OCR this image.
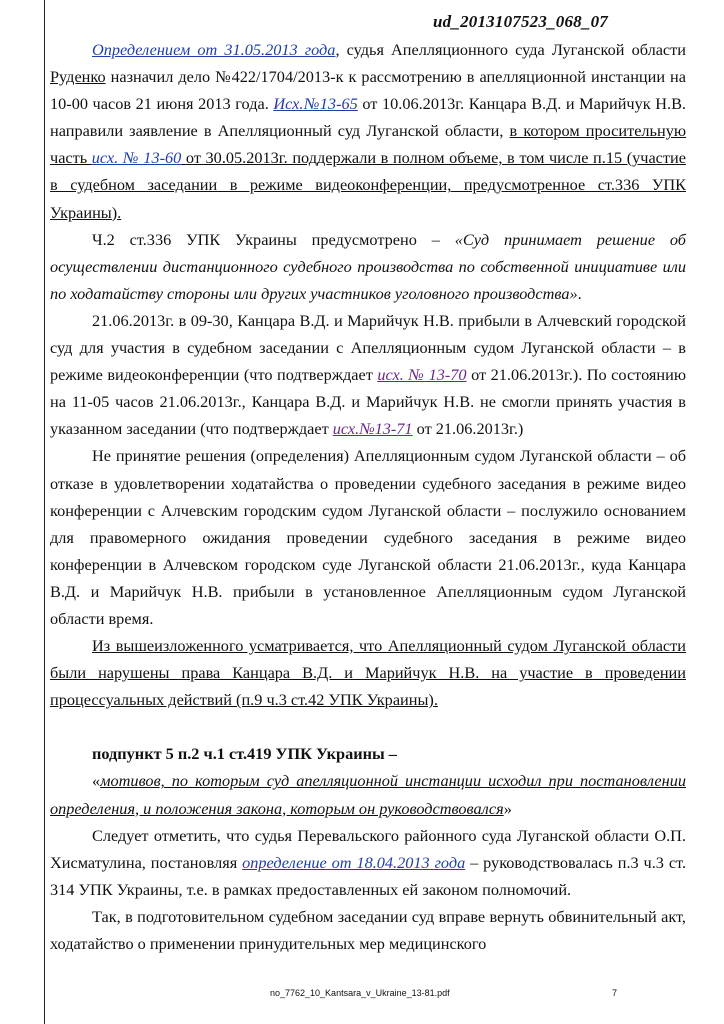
ud_2013107523_068_07

Определением от 31.05.2013 года, судья Апелляционного суда Луганской области Руденко назначил дело №422/1704/2013-к к рассмотрению в апелляционной инстанции на 10-00 часов 21 июня 2013 года. Исх.№13-65 от 10.06.2013г. Канцара В.Д. и Марийчук Н.В. направили заявление в Апелляционный суд Луганской области, в котором просительную часть исх. № 13-60 от 30.05.2013г. поддержали в полном объеме, в том числе п.15 (участие в судебном заседании в режиме видеоконференции, предусмотренное ст.336 УПК Украины).

Ч.2 ст.336 УПК Украины предусмотрено – «Суд принимает решение об осуществлении дистанционного судебного производства по собственной инициативе или по ходатайству стороны или других участников уголовного производства».

21.06.2013г. в 09-30, Канцара В.Д. и Марийчук Н.В. прибыли в Алчевский городской суд для участия в судебном заседании с Апелляционным судом Луганской области – в режиме видеоконференции (что подтверждает исх. № 13-70 от 21.06.2013г.). По состоянию на 11-05 часов 21.06.2013г., Канцара В.Д. и Марийчук Н.В. не смогли принять участия в указанном заседании (что подтверждает исх.№13-71 от 21.06.2013г.)

Не принятие решения (определения) Апелляционным судом Луганской области – об отказе в удовлетворении ходатайства о проведении судебного заседания в режиме видео конференции с Алчевским городским судом Луганской области – послужило основанием для правомерного ожидания проведении судебного заседания в режиме видео конференции в Алчевском городском суде Луганской области 21.06.2013г., куда Канцара В.Д. и Марийчук Н.В. прибыли в установленное Апелляционным судом Луганской области время.

Из вышеизложенного усматривается, что Апелляционный судом Луганской области были нарушены права Канцара В.Д. и Марийчук Н.В. на участие в проведении процессуальных действий (п.9 ч.3 ст.42 УПК Украины).

подпункт 5 п.2 ч.1 ст.419 УПК Украины –

«мотивов, по которым суд апелляционной инстанции исходил при постановлении определения, и положения закона, которым он руководствовался»

Следует отметить, что судья Перевальского районного суда Луганской области О.П. Хисматулина, постановляя определение от 18.04.2013 года – руководствовалась п.3 ч.3 ст. 314 УПК Украины, т.е. в рамках предоставленных ей законом полномочий.

Так, в подготовительном судебном заседании суд вправе вернуть обвинительный акт, ходатайство о применении принудительных мер медицинского

no_7762_10_Kantsara_v_Ukraine_13-81.pdf	7
